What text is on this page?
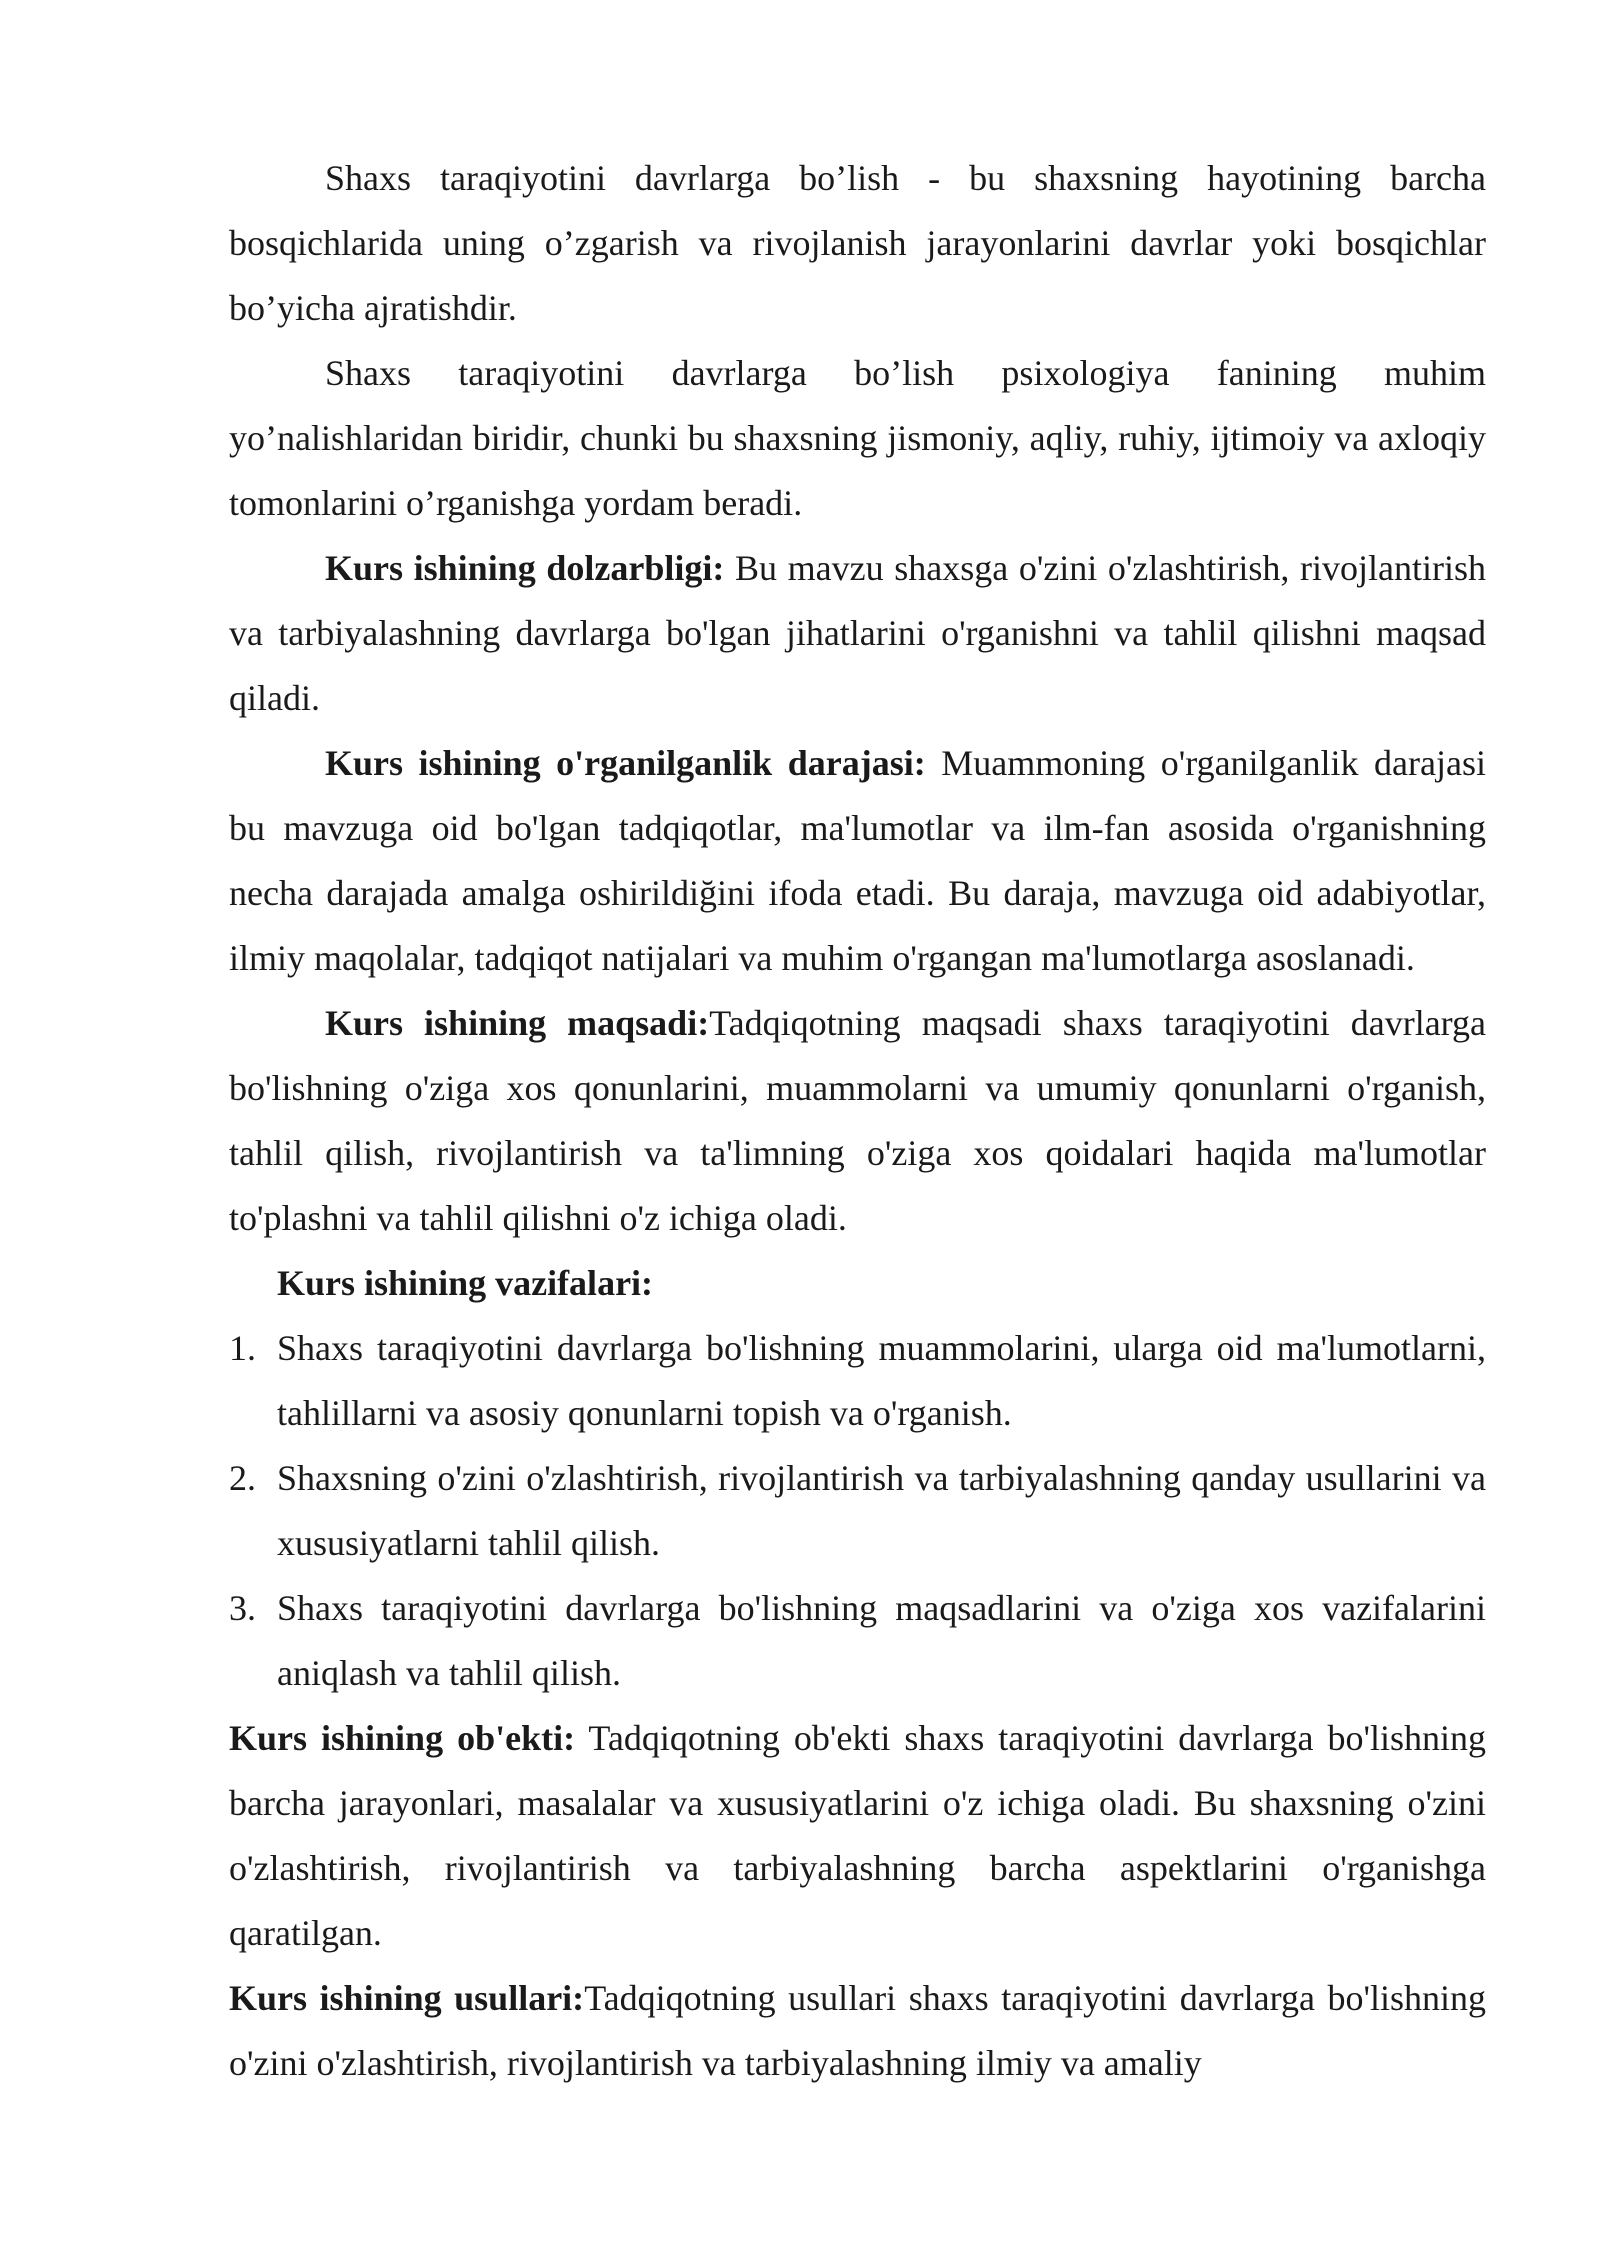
Shaxs taraqiyotini davrlarga bo’lish - bu shaxsning hayotining barcha bosqichlarida uning o’zgarish va rivojlanish jarayonlarini davrlar yoki bosqichlar bo’yicha ajratishdir.

Shaxs taraqiyotini davrlarga bo’lish psixologiya fanining muhim yo’nalishlaridan biridir, chunki bu shaxsning jismoniy, aqliy, ruhiy, ijtimoiy va axloqiy tomonlarini o’rganishga yordam beradi.

Kurs ishining dolzarbligi: Bu mavzu shaxsga o'zini o'zlashtirish, rivojlantirish va tarbiyalashning davrlarga bo'lgan jihatlarini o'rganishni va tahlil qilishni maqsad qiladi.

Kurs ishining o'rganilganlik darajasi: Muammoning o'rganilganlik darajasi bu mavzuga oid bo'lgan tadqiqotlar, ma'lumotlar va ilm-fan asosida o'rganishning necha darajada amalga oshirildiğini ifoda etadi. Bu daraja, mavzuga oid adabiyotlar, ilmiy maqolalar, tadqiqot natijalari va muhim o'rgangan ma'lumotlarga asoslanadi.

Kurs ishining maqsadi:Tadqiqotning maqsadi shaxs taraqiyotini davrlarga bo'lishning o'ziga xos qonunlarini, muammolarni va umumiy qonunlarni o'rganish, tahlil qilish, rivojlantirish va ta'limning o'ziga xos qoidalari haqida ma'lumotlar to'plashni va tahlil qilishni o'z ichiga oladi.

Kurs ishining vazifalari:

1. Shaxs taraqiyotini davrlarga bo'lishning muammolarini, ularga oid ma'lumotlarni, tahlillarni va asosiy qonunlarni topish va o'rganish.
2. Shaxsning o'zini o'zlashtirish, rivojlantirish va tarbiyalashning qanday usullarini va xususiyatlarni tahlil qilish.
3. Shaxs taraqiyotini davrlarga bo'lishning maqsadlarini va o'ziga xos vazifalarini aniqlash va tahlil qilish.

Kurs ishining ob'ekti: Tadqiqotning ob'ekti shaxs taraqiyotini davrlarga bo'lishning barcha jarayonlari, masalalar va xususiyatlarini o'z ichiga oladi. Bu shaxsning o'zini o'zlashtirish, rivojlantirish va tarbiyalashning barcha aspektlarini o'rganishga qaratilgan.

Kurs ishining usullari:Tadqiqotning usullari shaxs taraqiyotini davrlarga bo'lishning o'zini o'zlashtirish, rivojlantirish va tarbiyalashning ilmiy va amaliy
